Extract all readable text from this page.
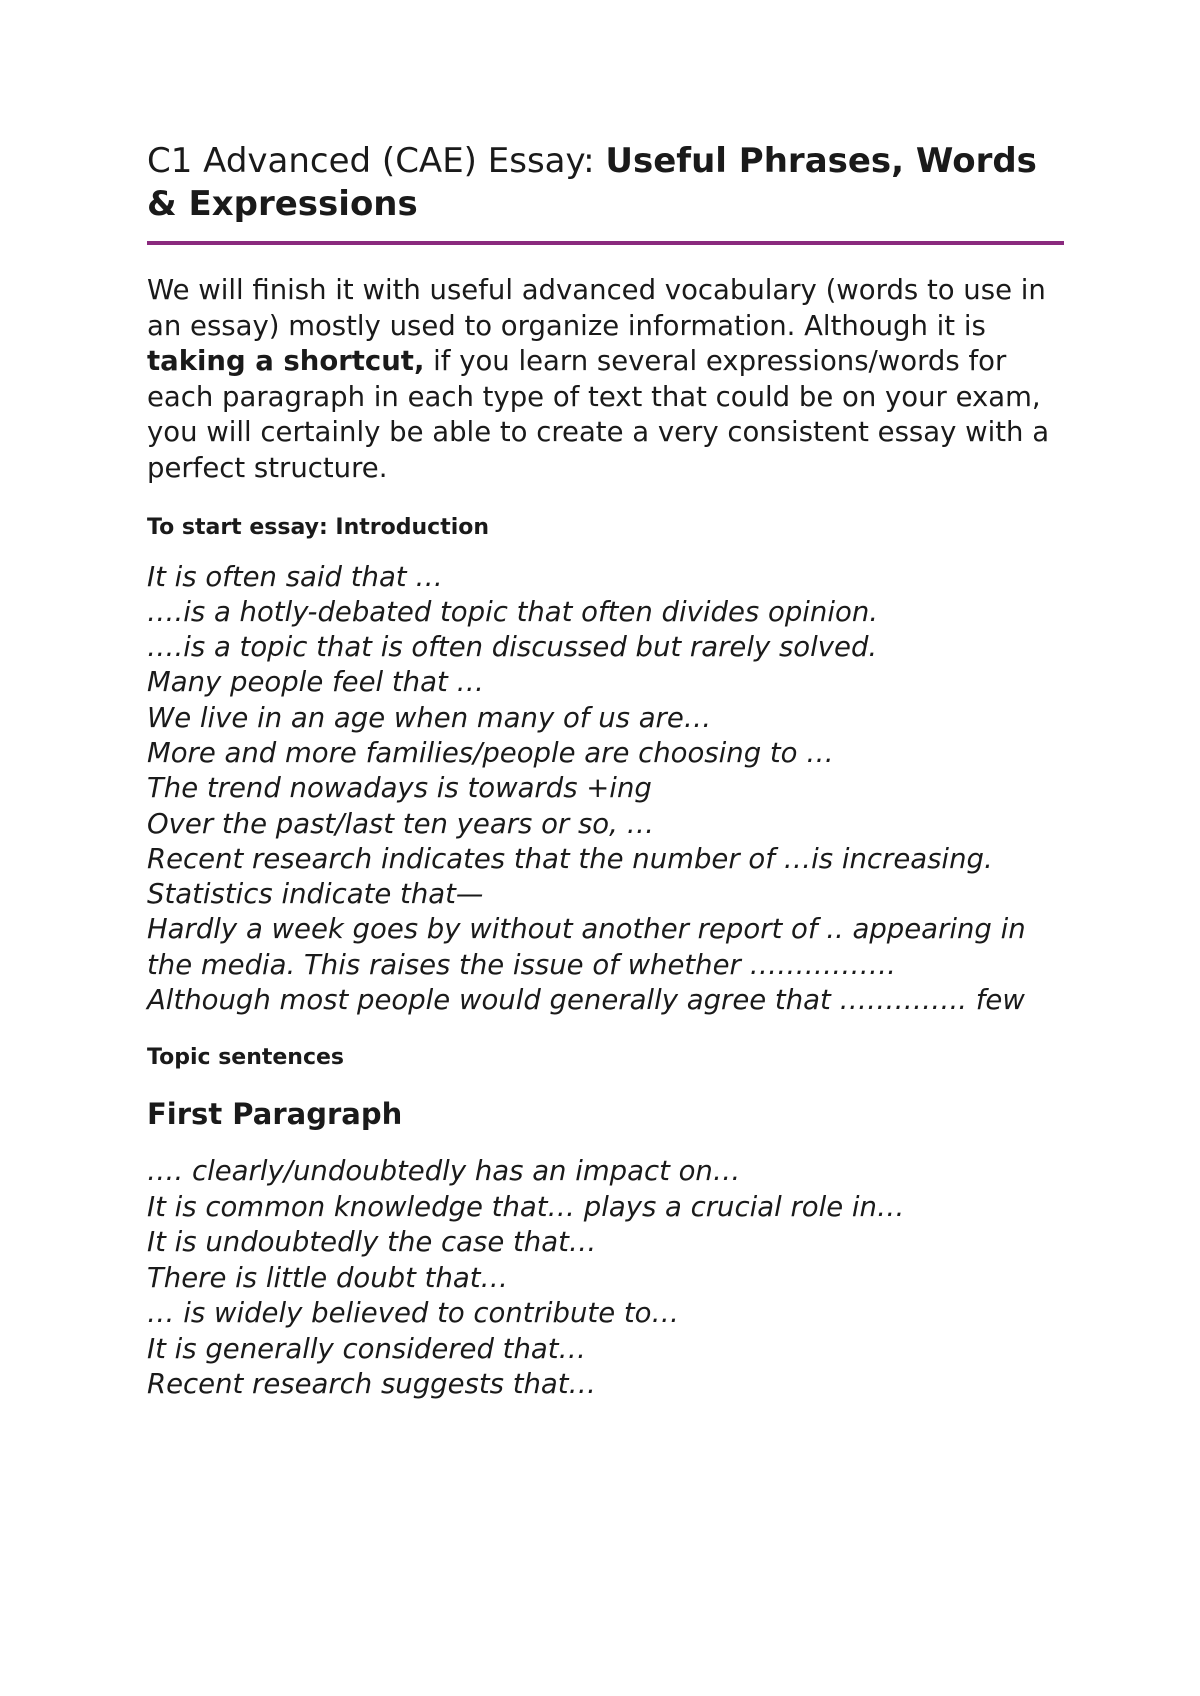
C1 Advanced (CAE) Essay: Useful Phrases, Words & Expressions

We will finish it with useful advanced vocabulary (words to use in an essay) mostly used to organize information. Although it is taking a shortcut, if you learn several expressions/words for each paragraph in each type of text that could be on your exam, you will certainly be able to create a very consistent essay with a perfect structure.

To start essay: Introduction
It is often said that …
….is a hotly-debated topic that often divides opinion.
….is a topic that is often discussed but rarely solved.
Many people feel that …
We live in an age when many of us are…
More and more families/people are choosing to …
The trend nowadays is towards +ing
Over the past/last ten years or so, …
Recent research indicates that the number of …is increasing.
Statistics indicate that—
Hardly a week goes by without another report of .. appearing in the media. This raises the issue of whether …………….
Although most people would generally agree that ………….. few
Topic sentences
First Paragraph
…. clearly/undoubtedly has an impact on…
It is common knowledge that… plays a crucial role in…
It is undoubtedly the case that…
There is little doubt that…
… is widely believed to contribute to…
It is generally considered that…
Recent research suggests that…
